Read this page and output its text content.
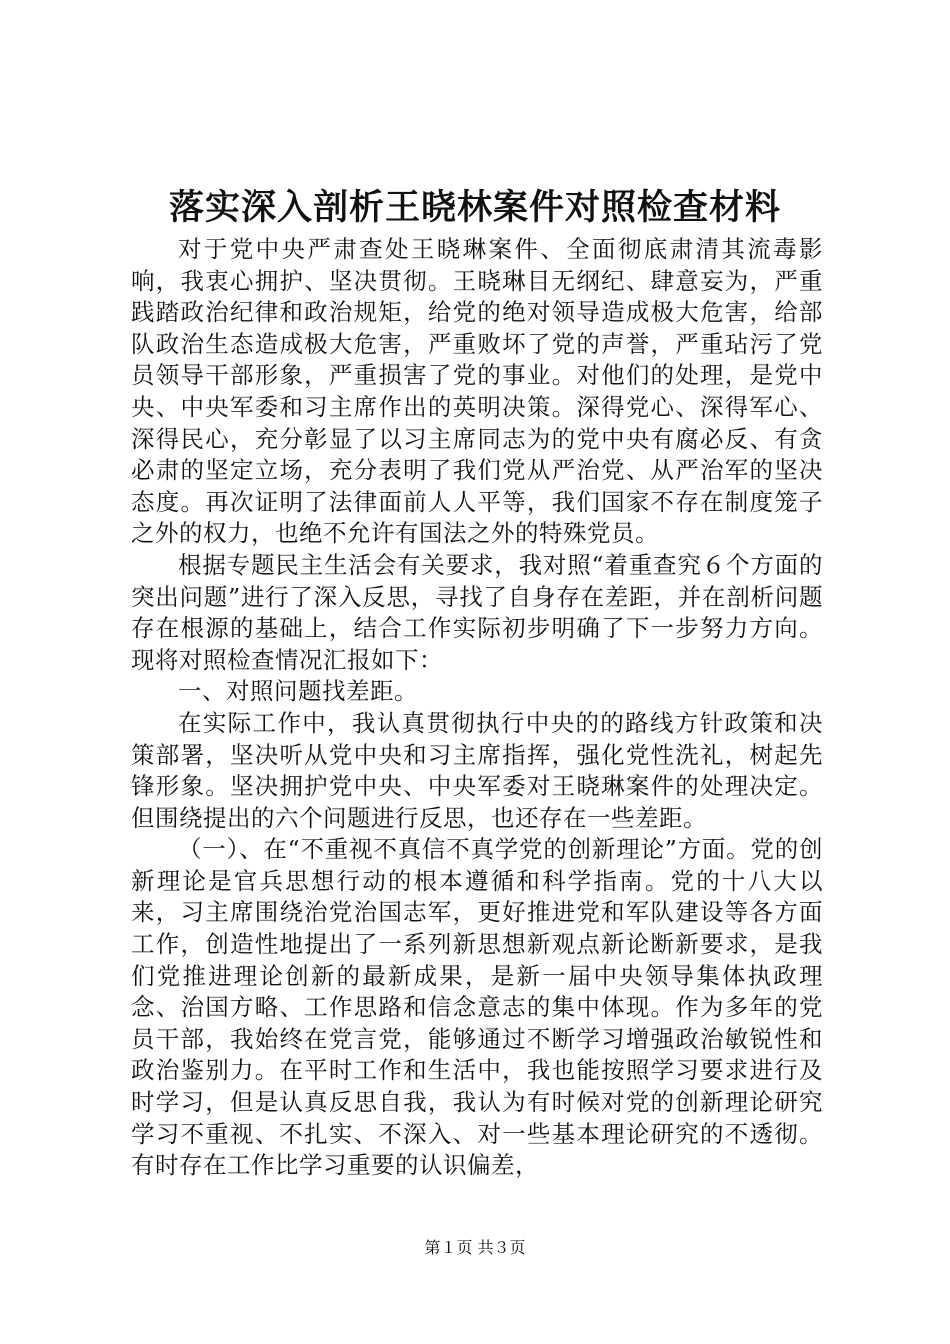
落实深入剖析王晓林案件对照检查材料

对于党中央严肃查处王晓琳案件、全面彻底肃清其流毒影响，我衷心拥护、坚决贯彻。王晓琳目无纲纪、肆意妄为，严重践踏政治纪律和政治规矩，给党的绝对领导造成极大危害，给部队政治生态造成极大危害，严重败坏了党的声誉，严重玷污了党员领导干部形象，严重损害了党的事业。对他们的处理，是党中央、中央军委和习主席作出的英明决策。深得党心、深得军心、深得民心，充分彰显了以习主席同志为的党中央有腐必反、有贪必肃的坚定立场，充分表明了我们党从严治党、从严治军的坚决态度。再次证明了法律面前人人平等，我们国家不存在制度笼子之外的权力，也绝不允许有国法之外的特殊党员。

根据专题民主生活会有关要求，我对照“着重查究６个方面的突出问题”进行了深入反思，寻找了自身存在差距，并在剖析问题存在根源的基础上，结合工作实际初步明确了下一步努力方向。现将对照检查情况汇报如下：

一、对照问题找差距。

在实际工作中，我认真贯彻执行中央的的路线方针政策和决策部署，坚决听从党中央和习主席指挥，强化党性洗礼，树起先锋形象。坚决拥护党中央、中央军委对王晓琳案件的处理决定。但围绕提出的六个问题进行反思，也还存在一些差距。

（一）、在“不重视不真信不真学党的创新理论”方面。党的创新理论是官兵思想行动的根本遵循和科学指南。党的十八大以来，习主席围绕治党治国志军，更好推进党和军队建设等各方面工作，创造性地提出了一系列新思想新观点新论断新要求，是我们党推进理论创新的最新成果，是新一届中央领导集体执政理念、治国方略、工作思路和信念意志的集中体现。作为多年的党员干部，我始终在党言党，能够通过不断学习增强政治敏锐性和政治鉴别力。在平时工作和生活中，我也能按照学习要求进行及时学习，但是认真反思自我，我认为有时候对党的创新理论研究学习不重视、不扎实、不深入、对一些基本理论研究的不透彻。有时存在工作比学习重要的认识偏差，

第１页 共３页
